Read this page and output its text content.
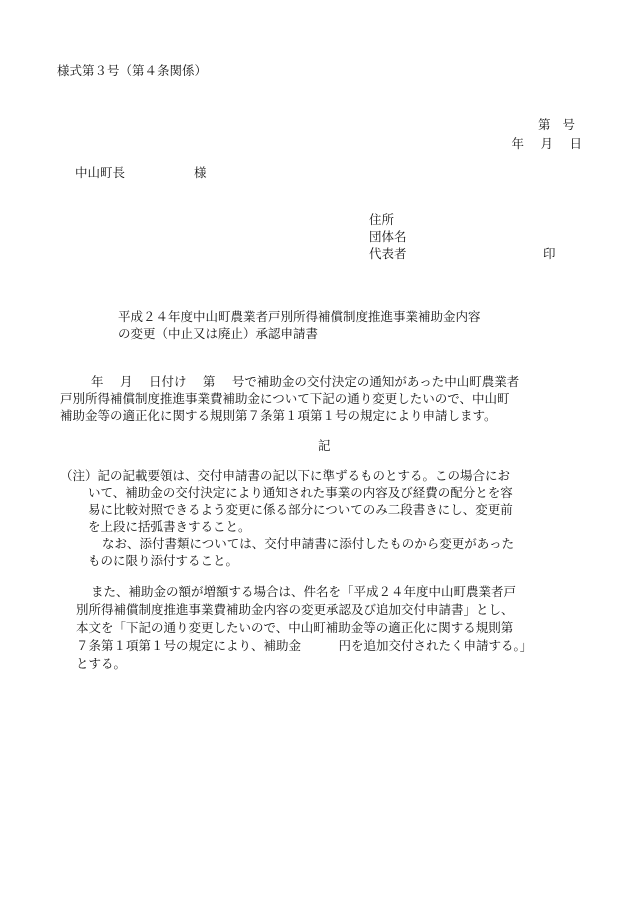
様式第３号（第４条関係）
第号
年　 月　 日
中山町長	様
住所
団体名
代表者	印
平成２４年度中山町農業者戸別所得補償制度推進事業補助金内容
の変更（中止又は廃止）承認申請書
年　 月　 日付け　 第　 号で補助金の交付決定の通知があった中山町農業者
戸別所得補償制度推進事業費補助金について下記の通り変更したいので、中山町
補助金等の適正化に関する規則第７条第１項第１号の規定により申請します。
記
（注）記の記載要領は、交付申請書の記以下に準ずるものとする。この場合にお
いて、補助金の交付決定により通知された事業の内容及び経費の配分とを容
易に比較対照できるよう変更に係る部分についてのみ二段書きにし、変更前
を上段に括弧書きすること。
なお、添付書類については、交付申請書に添付したものから変更があった
ものに限り添付すること。
また、補助金の額が増額する場合は、件名を「平成２４年度中山町農業者戸
別所得補償制度推進事業費補助金内容の変更承認及び追加交付申請書」とし、
本文を「下記の通り変更したいので、中山町補助金等の適正化に関する規則第
７条第１項第１号の規定により、補助金　　　円を追加交付されたく申請する。」
とする。
